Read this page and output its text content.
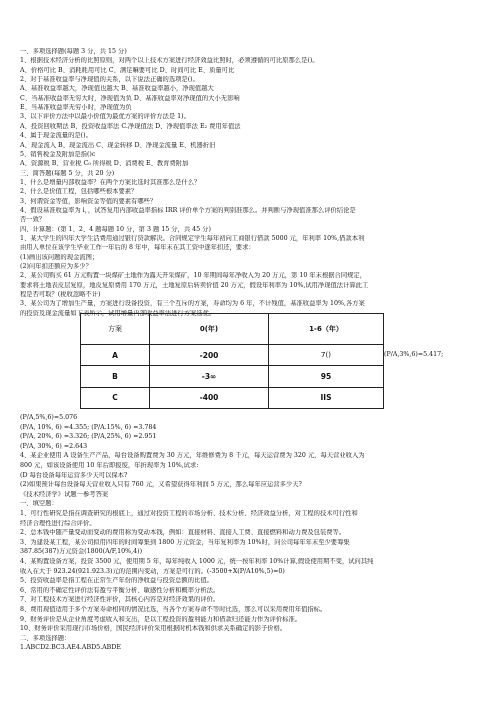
一、多项选择题(每题 3 分，共 15 分)
1、根据技术经济分析的比照原则，对两个以上技术方案进行经济效益比照时，必须遵循的可比原那么是()。
A、价格可比 B、消耗耗用可比 C、满足嘛要可比 D、时间可比 E、质量可比
2、对于基准收益率与净现值的关系，以下说法正确的选项是()。
A、基准收益率越大，净现值也越大 B、基准收益率越小，净现值越大
C、当基准收益率无穷大时，净现值为负 D、基准收益率对净现值的大小无影响
E、当基准收益率无穷小时，净现值为负
3、以下评价方法中以最小价值为最优方案的评价方法是 1)。
A、投资回收期法 B、投资收益率法 C.净现值法 D、净现值率法 E₂ 费用年值法
4、属于现金流量的是()。
A、现金流入 B、现金流出 C、现金转移 D、净现金流量 E、机器折旧
5、销售税金及附加是指()c
A、资源税 B、营业税 C₀ 所得税 D、消费税 E、教育费附加
三、简答题(每题 5 分，共 20 分)
1、什么是增量内部收益率？在两个方案比选时其准那么是什么？
2、什么是价值工程，包括哪些根本要素？
3、何谓资金等值，影响资金等值的要素有哪些？
4、假设基准收益率为 i，，试答复用内部收益率指标 IRR 评价单个方案的判别准那么。并判断与净现值准那么评价结论是
否一致？
四、计算题：(第 1、2、4 题每题 10 分，第 3 题 15 分，共 45 分)
1、某大学生的四年大学生活费用通过银行贷款解决。合同规定学生每年初向工商银行借款 5000 元，年利率 10%,借款本利
由用人单位在该学生毕业工作一年后的 8 年中，每年末在其工资中逐年扣还，要求：
(1)画出该问题的现金流图；
(2)问年扣还额应为多少？
2、某公司购买 61 万元购置一块煤矿土地作为露天开采煤矿，10 年期间每年净收入为 20 万元，第 10 年末根据合同规定，
要求将土地表皮层复原，地皮复原费用 170 万元，土地复原后转卖价值 20 万元，假设年利率为 10%,试用净现值法计算此工
程是否可取？(税收忽略不计)
3、某公司为了增加生产量，方案进行设备投资，有三个互斥的方案，寿命均为 6 年，不计残值，基准收益率为 10%,各方案
的投资及现金流量如下表所示，试用增量内部收益率法进行方案选优。
方案	0(年)	1-6（年）
A	-200	7()
B	-3∞	95
C	-400	IIS
(P/A,3%,6)=5.417;
(P/A,5%,6)=5.076
(P/A, 10%, 6) =4.355; (P/A.15%, 6) =3.784
(P/A, 20%, 6) =3.326; (P/A,25%, 6) =2.951
(P/A, 30%, 6) =2.643
4、某企业使用 A 设备生产产品，每台设备购置费为 30 万元，年维修费为 8 千元，每天运营费为 320 元，每天营业收入为
800 元，如该设备使用 10 年后即报废，年折现率为 10%,试求:
(D 每台设备每年运营多少天可以保本?
(2)如果预计每台设备每天营业收入只有 760 元，又希望获得年利润 5 万元，那么每年应运营多少天?
《技术经济学》试题一参考答案
一、填空题：
1、可行性研究是指在调查研究的根底上，通过对投资工程的市场分析、技术分析、经济效益分析，对工程的技术可行性和
经济合理性进行综合评价。
2、总本钱中随产量变动而变动的费用称为变动本钱，例如：直接材料、直接人工费、直接燃料和动力费及包装费等。
3、为建设某工程，某公司拟用四年的时间筹集到 1800 万元资金，当年复利率为 10%时，问公司每年年末至少要筹集
387.85(387)万元资金(1800(A/F,10%,4))
4、某购置设备方案，投资 3500 元，使用期 5 年，每年纯收入 1000 元，统一按年利率 10%计算,假设使用期不变，试问其纯
收入在大于 923.24(921.923.3)元的范围内变动，方案是可行的。(-3500+X(P/A10%,5)=0)
5、投资收益率是指工程在正常生产年份的净收益与投资总额的比值。
6、常用的不确定性评价法有盈亏平衡分析、敏感性分析和概率分析法。
7、对工程技术方案进行经济性评价，其核心内容是对经济效果的评价。
8、费用现值适用于多个方案寿命相同的情况比选，当各个方案寿命不等时比选，那么可以采用费用年值指标。
9、财务评价是从企业角度考虑收入和支出，是以工程投资的盈利能力和借款归还能力作为评价标准。
10、财务评价采用现行市场价格，国民经济评价采用根据时机本钱和供求关系确定的影子价格。
二、多项选择题：
1.ABCD2.BC3.AE4.ABD5.ABDE
